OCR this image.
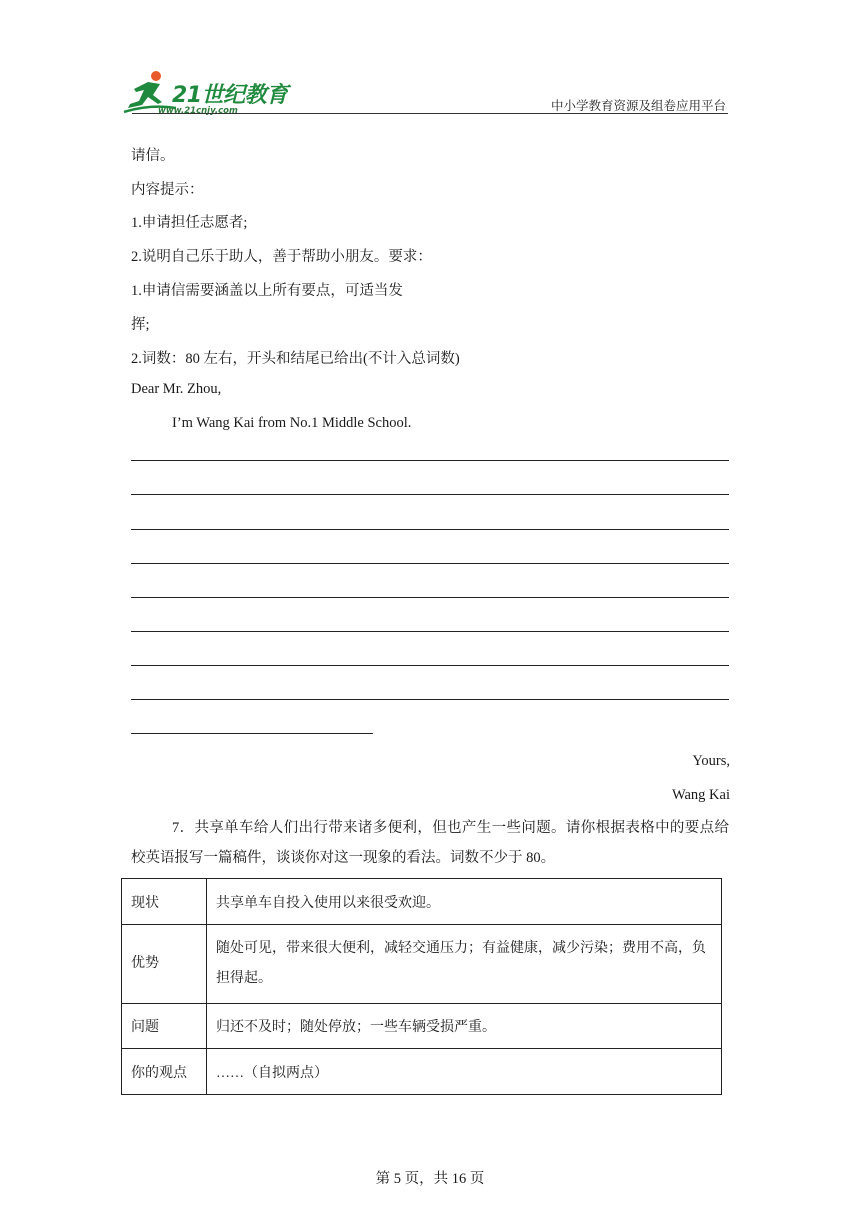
21世纪教育
www.21cnjy.com	中小学教育资源及组卷应用平台
请信。
内容提示：
1.申请担任志愿者;
2.说明自己乐于助人，善于帮助小朋友。要求：
1.申请信需要涵盖以上所有要点，可适当发
挥;
2.词数：80 左右，开头和结尾已给出(不计入总词数)
Dear Mr. Zhou,
I’m Wang Kai from No.1 Middle School.
Yours,
Wang Kai
7．共享单车给人们出行带来诸多便利，但也产生一些问题。请你根据表格中的要点给校英语报写一篇稿件，谈谈你对这一现象的看法。词数不少于 80。
现状	共享单车自投入使用以来很受欢迎。
优势	随处可见，带来很大便利，减轻交通压力；有益健康，减少污染；费用不高，负担得起。
问题	归还不及时；随处停放；一些车辆受损严重。
你的观点	……（自拟两点）
第 5 页，共 16 页
